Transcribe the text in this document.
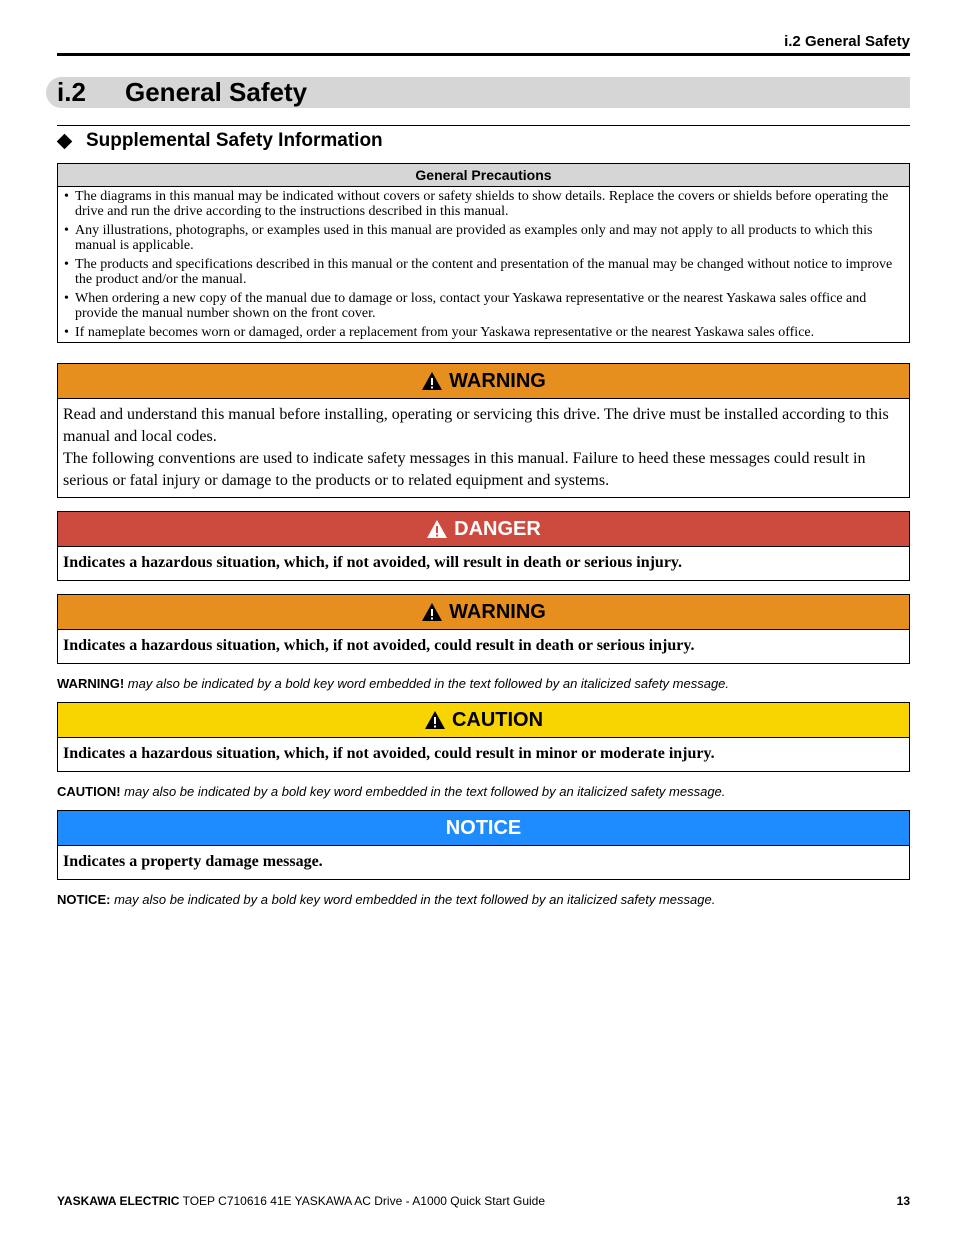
i.2 General Safety
i.2 General Safety
Supplemental Safety Information
General Precautions
• The diagrams in this manual may be indicated without covers or safety shields to show details. Replace the covers or shields before operating the drive and run the drive according to the instructions described in this manual.
• Any illustrations, photographs, or examples used in this manual are provided as examples only and may not apply to all products to which this manual is applicable.
• The products and specifications described in this manual or the content and presentation of the manual may be changed without notice to improve the product and/or the manual.
• When ordering a new copy of the manual due to damage or loss, contact your Yaskawa representative or the nearest Yaskawa sales office and provide the manual number shown on the front cover.
• If nameplate becomes worn or damaged, order a replacement from your Yaskawa representative or the nearest Yaskawa sales office.
WARNING
Read and understand this manual before installing, operating or servicing this drive. The drive must be installed according to this manual and local codes.
The following conventions are used to indicate safety messages in this manual. Failure to heed these messages could result in serious or fatal injury or damage to the products or to related equipment and systems.
DANGER
Indicates a hazardous situation, which, if not avoided, will result in death or serious injury.
WARNING
Indicates a hazardous situation, which, if not avoided, could result in death or serious injury.
WARNING! may also be indicated by a bold key word embedded in the text followed by an italicized safety message.
CAUTION
Indicates a hazardous situation, which, if not avoided, could result in minor or moderate injury.
CAUTION! may also be indicated by a bold key word embedded in the text followed by an italicized safety message.
NOTICE
Indicates a property damage message.
NOTICE: may also be indicated by a bold key word embedded in the text followed by an italicized safety message.
YASKAWA ELECTRIC TOEP C710616 41E YASKAWA AC Drive - A1000 Quick Start Guide	13
